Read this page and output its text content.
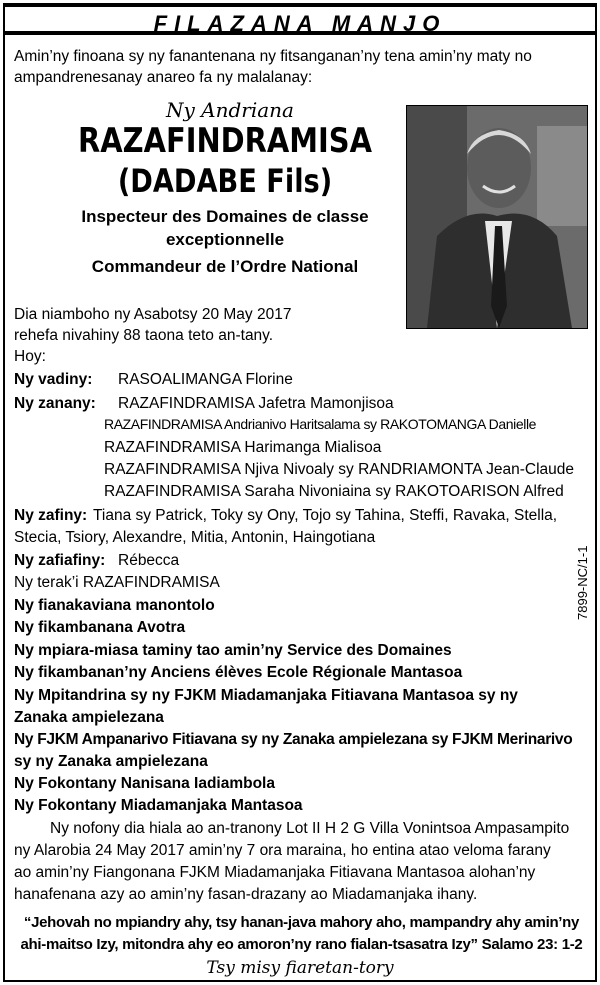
FILAZANA MANJO
Amin’ny finoana sy ny fanantenana ny fitsanganan’ny tena amin’ny maty no ampandrenesanay anareo fa ny malalanay:
Ny Andriana
RAZAFINDRAMISA
(DADABE Fils)
Inspecteur des Domaines de classe
exceptionnelle
Commandeur de l’Ordre National
Dia niamboho ny Asabotsy 20 May 2017
rehefa nivahiny 88 taona teto an-tany.
Hoy:
Ny vadiny: RASOALIMANGA Florine
Ny zanany: RAZAFINDRAMISA Jafetra Mamonjisoa
RAZAFINDRAMISA Andrianivo Haritsalama sy RAKOTOMANGA Danielle
RAZAFINDRAMISA Harimanga Mialisoa
RAZAFINDRAMISA Njiva Nivoaly sy RANDRIAMONTA Jean-Claude
RAZAFINDRAMISA Saraha Nivoniaina sy RAKOTOARISON Alfred
Ny zafiny: Tiana sy Patrick, Toky sy Ony, Tojo sy Tahina, Steffi, Ravaka, Stella,
Stecia, Tsiory, Alexandre, Mitia, Antonin, Haingotiana
Ny zafiafiny: Rébecca
Ny terak’i RAZAFINDRAMISA
Ny fianakaviana manontolo
Ny fikambanana Avotra
Ny mpiara-miasa taminy tao amin’ny Service des Domaines
Ny fikambanan’ny Anciens élèves Ecole Régionale Mantasoa
Ny Mpitandrina sy ny FJKM Miadamanjaka Fitiavana Mantasoa sy ny
Zanaka ampielezana
Ny FJKM Ampanarivo Fitiavana sy ny Zanaka ampielezana sy FJKM Merinarivo
sy ny Zanaka ampielezana
Ny Fokontany Nanisana Iadiambola
Ny Fokontany Miadamanjaka Mantasoa
Ny nofony dia hiala ao an-tranony Lot II H 2 G Villa Vonintsoa Ampasampito
ny Alarobia 24 May 2017 amin’ny 7 ora maraina, ho entina atao veloma farany
ao amin’ny Fiangonana FJKM Miadamanjaka Fitiavana Mantasoa alohan’ny
hanafenana azy ao amin’ny fasan-drazany ao Miadamanjaka ihany.
“Jehovah no mpiandry ahy, tsy hanan-java mahory aho, mampandry ahy amin’ny
ahi-maitso Izy, mitondra ahy eo amoron’ny rano fialan-tsasatra Izy” Salamo 23: 1-2
Tsy misy fiaretan-tory
7899-NC/1-1
